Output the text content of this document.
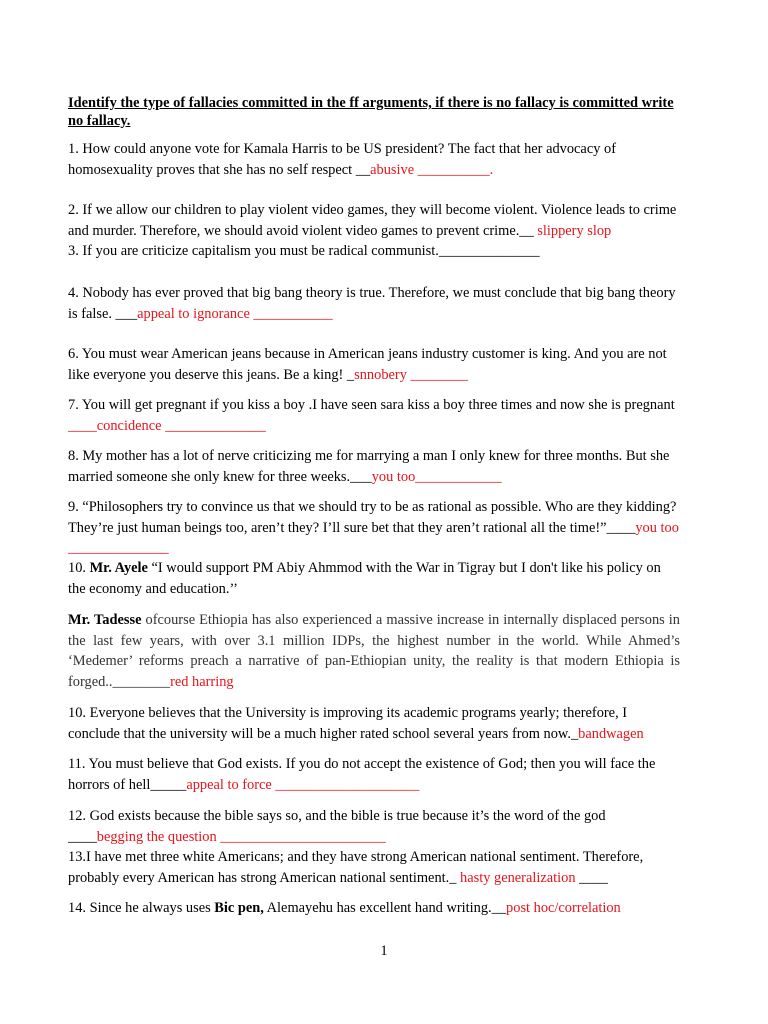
Identify the type of fallacies committed in the ff arguments, if there is no fallacy is committed write no fallacy.

1. How could anyone vote for Kamala Harris to be US president? The fact that her advocacy of homosexuality proves that she has no self respect __abusive __________.

2. If we allow our children to play violent video games, they will become violent. Violence leads to crime and murder. Therefore, we should avoid violent video games to prevent crime.__ slippery slop

3. If you are criticize capitalism you must be radical communist.______________

4. Nobody has ever proved that big bang theory is true. Therefore, we must conclude that big bang theory is false. ___appeal to ignorance ___________

6. You must wear American jeans because in American jeans industry customer is king. And you are not like everyone you deserve this jeans. Be a king! _snnobery ________

7. You will get pregnant if you kiss a boy .I have seen sara kiss a boy three times and now she is pregnant ____concidence ______________

8. My mother has a lot of nerve criticizing me for marrying a man I only knew for three months. But she married someone she only knew for three weeks.___you too____________

9. “Philosophers try to convince us that we should try to be as rational as possible. Who are they kidding? They’re just human beings too, aren’t they? I’ll sure bet that they aren’t rational all the time!”____you too ______________

10. Mr. Ayele “I would support PM Abiy Ahmmod with the War in Tigray but I don't like his policy on the economy and education.’’

Mr. Tadesse ofcourse Ethiopia has also experienced a massive increase in internally displaced persons in the last few years, with over 3.1 million IDPs, the highest number in the world. While Ahmed’s ‘Medemer’ reforms preach a narrative of pan-Ethiopian unity, the reality is that modern Ethiopia is forged..________red harring

10. Everyone believes that the University is improving its academic programs yearly; therefore, I conclude that the university will be a much higher rated school several years from now._bandwagen

11. You must believe that God exists. If you do not accept the existence of God; then you will face the horrors of hell_____appeal to force ____________________

12. God exists because the bible says so, and the bible is true because it’s the word of the god ____begging the question _______________________

13.I have met three white Americans; and they have strong American national sentiment. Therefore, probably every American has strong American national sentiment._ hasty generalization ____

14. Since he always uses Bic pen, Alemayehu has excellent hand writing.__post hoc/correlation

1
